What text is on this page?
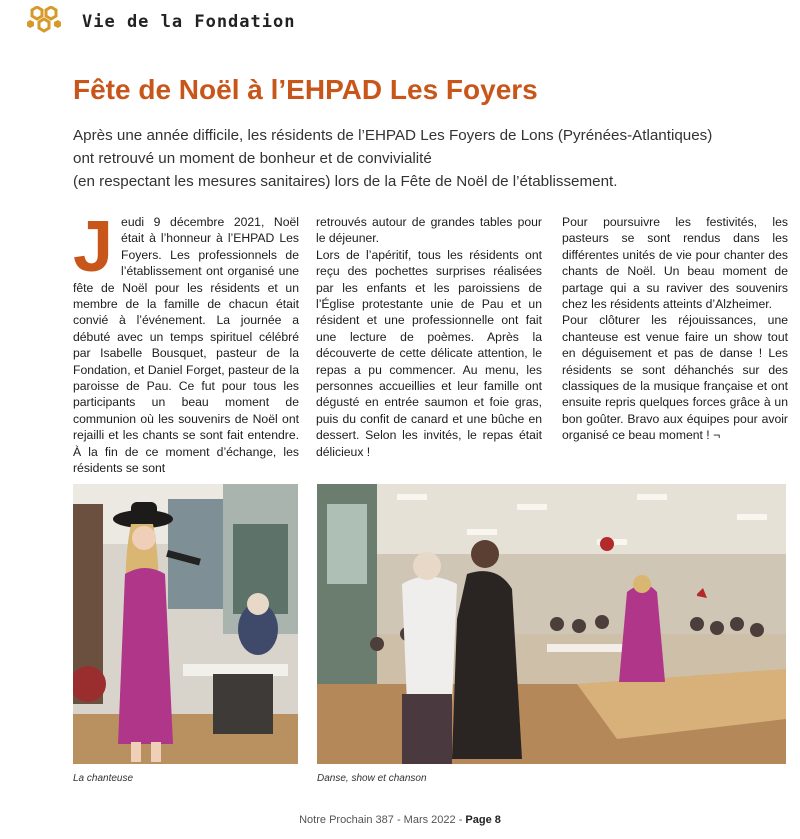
Vie de la Fondation
Fête de Noël à l’EHPAD Les Foyers
Après une année difficile, les résidents de l’EHPAD Les Foyers de Lons (Pyrénées-Atlantiques)
ont retrouvé un moment de bonheur et de convivialité
(en respectant les mesures sanitaires) lors de la Fête de Noël de l’établissement.
J eudi 9 décembre 2021, Noël était à l’honneur à l’EHPAD Les Foyers. Les professionnels de l’établissement ont organisé une fête de Noël pour les résidents et un membre de la famille de chacun était convié à l’événement. La journée a débuté avec un temps spirituel célébré par Isabelle Bousquet, pasteur de la Fondation, et Daniel Forget, pasteur de la paroisse de Pau. Ce fut pour tous les participants un beau moment de communion où les souvenirs de Noël ont rejailli et les chants se sont fait entendre. À la fin de ce moment d’échange, les résidents se sont

retrouvés autour de grandes tables pour le déjeuner.

Lors de l’apéritif, tous les résidents ont reçu des pochettes surprises réalisées par les enfants et les paroissiens de l’Église protestante unie de Pau et un résident et une professionnelle ont fait une lecture de poèmes. Après la découverte de cette délicate attention, le repas a pu commencer. Au menu, les personnes accueillies et leur famille ont dégusté en entrée saumon et foie gras, puis du confit de canard et une bûche en dessert. Selon les invités, le repas était délicieux !

Pour poursuivre les festivités, les pasteurs se sont rendus dans les différentes unités de vie pour chanter des chants de Noël. Un beau moment de partage qui a su raviver des souvenirs chez les résidents atteints d’Alzheimer.

Pour clôturer les réjouissances, une chanteuse est venue faire un show tout en déguisement et pas de danse ! Les résidents se sont déhanchés sur des classiques de la musique française et ont ensuite repris quelques forces grâce à un bon goûter. Bravo aux équipes pour avoir organisé ce beau moment ! ¬

La chanteuse	Danse, show et chanson
Notre Prochain 387 - Mars 2022 - Page 8
